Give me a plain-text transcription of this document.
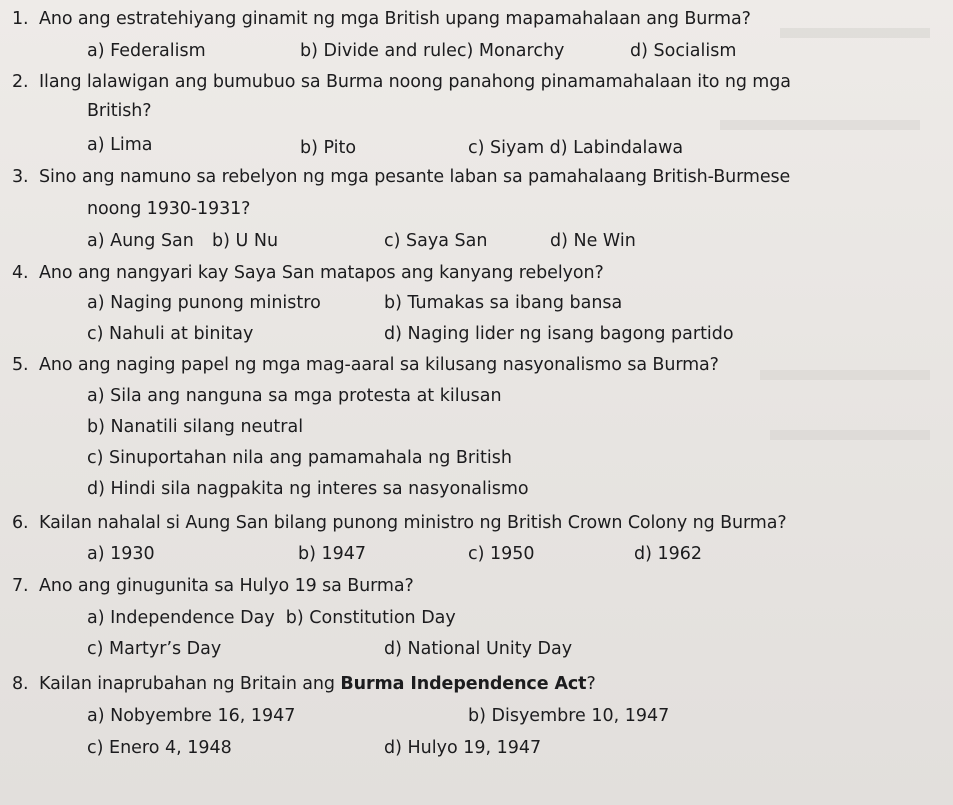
1. Ano ang estratehiyang ginamit ng mga British upang mapamahalaan ang Burma?
a) Federalism	b) Divide and rulec) Monarchy	d) Socialism
2. Ilang lalawigan ang bumubuo sa Burma noong panahong pinamamahalaan ito ng mga
British?
a) Lima	b) Pito	c) Siyam d) Labindalawa
3. Sino ang namuno sa rebelyon ng mga pesante laban sa pamahalaang British-Burmese
noong 1930-1931?
a) Aung San b) U Nu	c) Saya San	d) Ne Win
4. Ano ang nangyari kay Saya San matapos ang kanyang rebelyon?
a) Naging punong ministro	b) Tumakas sa ibang bansa
c) Nahuli at binitay	d) Naging lider ng isang bagong partido
5. Ano ang naging papel ng mga mag-aaral sa kilusang nasyonalismo sa Burma?
a) Sila ang nanguna sa mga protesta at kilusan
b) Nanatili silang neutral
c) Sinuportahan nila ang pamamahala ng British
d) Hindi sila nagpakita ng interes sa nasyonalismo
6. Kailan nahalal si Aung San bilang punong ministro ng British Crown Colony ng Burma?
a) 1930	b) 1947	c) 1950	d) 1962
7. Ano ang ginugunita sa Hulyo 19 sa Burma?
a) Independence Day  b) Constitution Day
c) Martyr’s Day	d) National Unity Day
8. Kailan inaprubahan ng Britain ang Burma Independence Act?
a) Nobyembre 16, 1947	b) Disyembre 10, 1947
c) Enero 4, 1948	d) Hulyo 19, 1947
